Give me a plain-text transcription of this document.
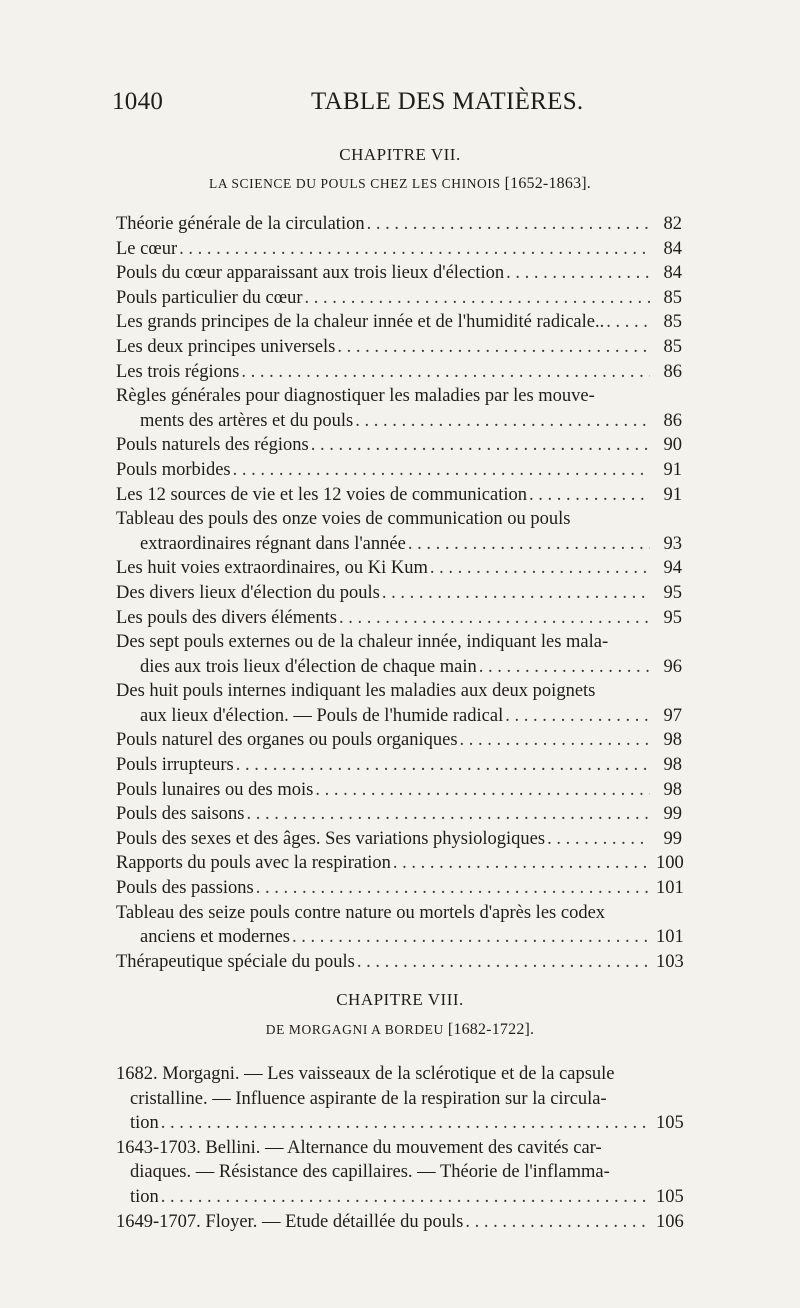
1040	TABLE DES MATIÈRES.
CHAPITRE VII.
LA SCIENCE DU POULS CHEZ LES CHINOIS [1652-1863].
Théorie générale de la circulation . . .	82
Le cœur . . .	84
Pouls du cœur apparaissant aux trois lieux d'élection . . .	84
Pouls particulier du cœur . . .	85
Les grands principes de la chaleur innée et de l'humidité radicale.. . . .	85
Les deux principes universels . . .	85
Les trois régions . . .	86
Règles générales pour diagnostiquer les maladies par les mouve-
ments des artères et du pouls . . .	86
Pouls naturels des régions . . .	90
Pouls morbides . . .	91
Les 12 sources de vie et les 12 voies de communication . . .	91
Tableau des pouls des onze voies de communication ou pouls
extraordinaires régnant dans l'année . . .	93
Les huit voies extraordinaires, ou Ki Kum . . .	94
Des divers lieux d'élection du pouls . . .	95
Les pouls des divers éléments . . .	95
Des sept pouls externes ou de la chaleur innée, indiquant les mala-
dies aux trois lieux d'élection de chaque main . . .	96
Des huit pouls internes indiquant les maladies aux deux poignets
aux lieux d'élection. — Pouls de l'humide radical . . .	97
Pouls naturel des organes ou pouls organiques . . .	98
Pouls irrupteurs . . .	98
Pouls lunaires ou des mois . . .	98
Pouls des saisons . . .	99
Pouls des sexes et des âges. Ses variations physiologiques . . .	99
Rapports du pouls avec la respiration . . .	100
Pouls des passions . . .	101
Tableau des seize pouls contre nature ou mortels d'après les codex
anciens et modernes . . .	101
Thérapeutique spéciale du pouls . . .	103
CHAPITRE VIII.
DE MORGAGNI A BORDEU [1682-1722].
1682. Morgagni. — Les vaisseaux de la sclérotique et de la capsule
cristalline. — Influence aspirante de la respiration sur la circula-
tion . . .	105
1643-1703. Bellini. — Alternance du mouvement des cavités car-
diaques. — Résistance des capillaires. — Théorie de l'inflamma-
tion . . .	105
1649-1707. Floyer. — Etude détaillée du pouls . . .	106
